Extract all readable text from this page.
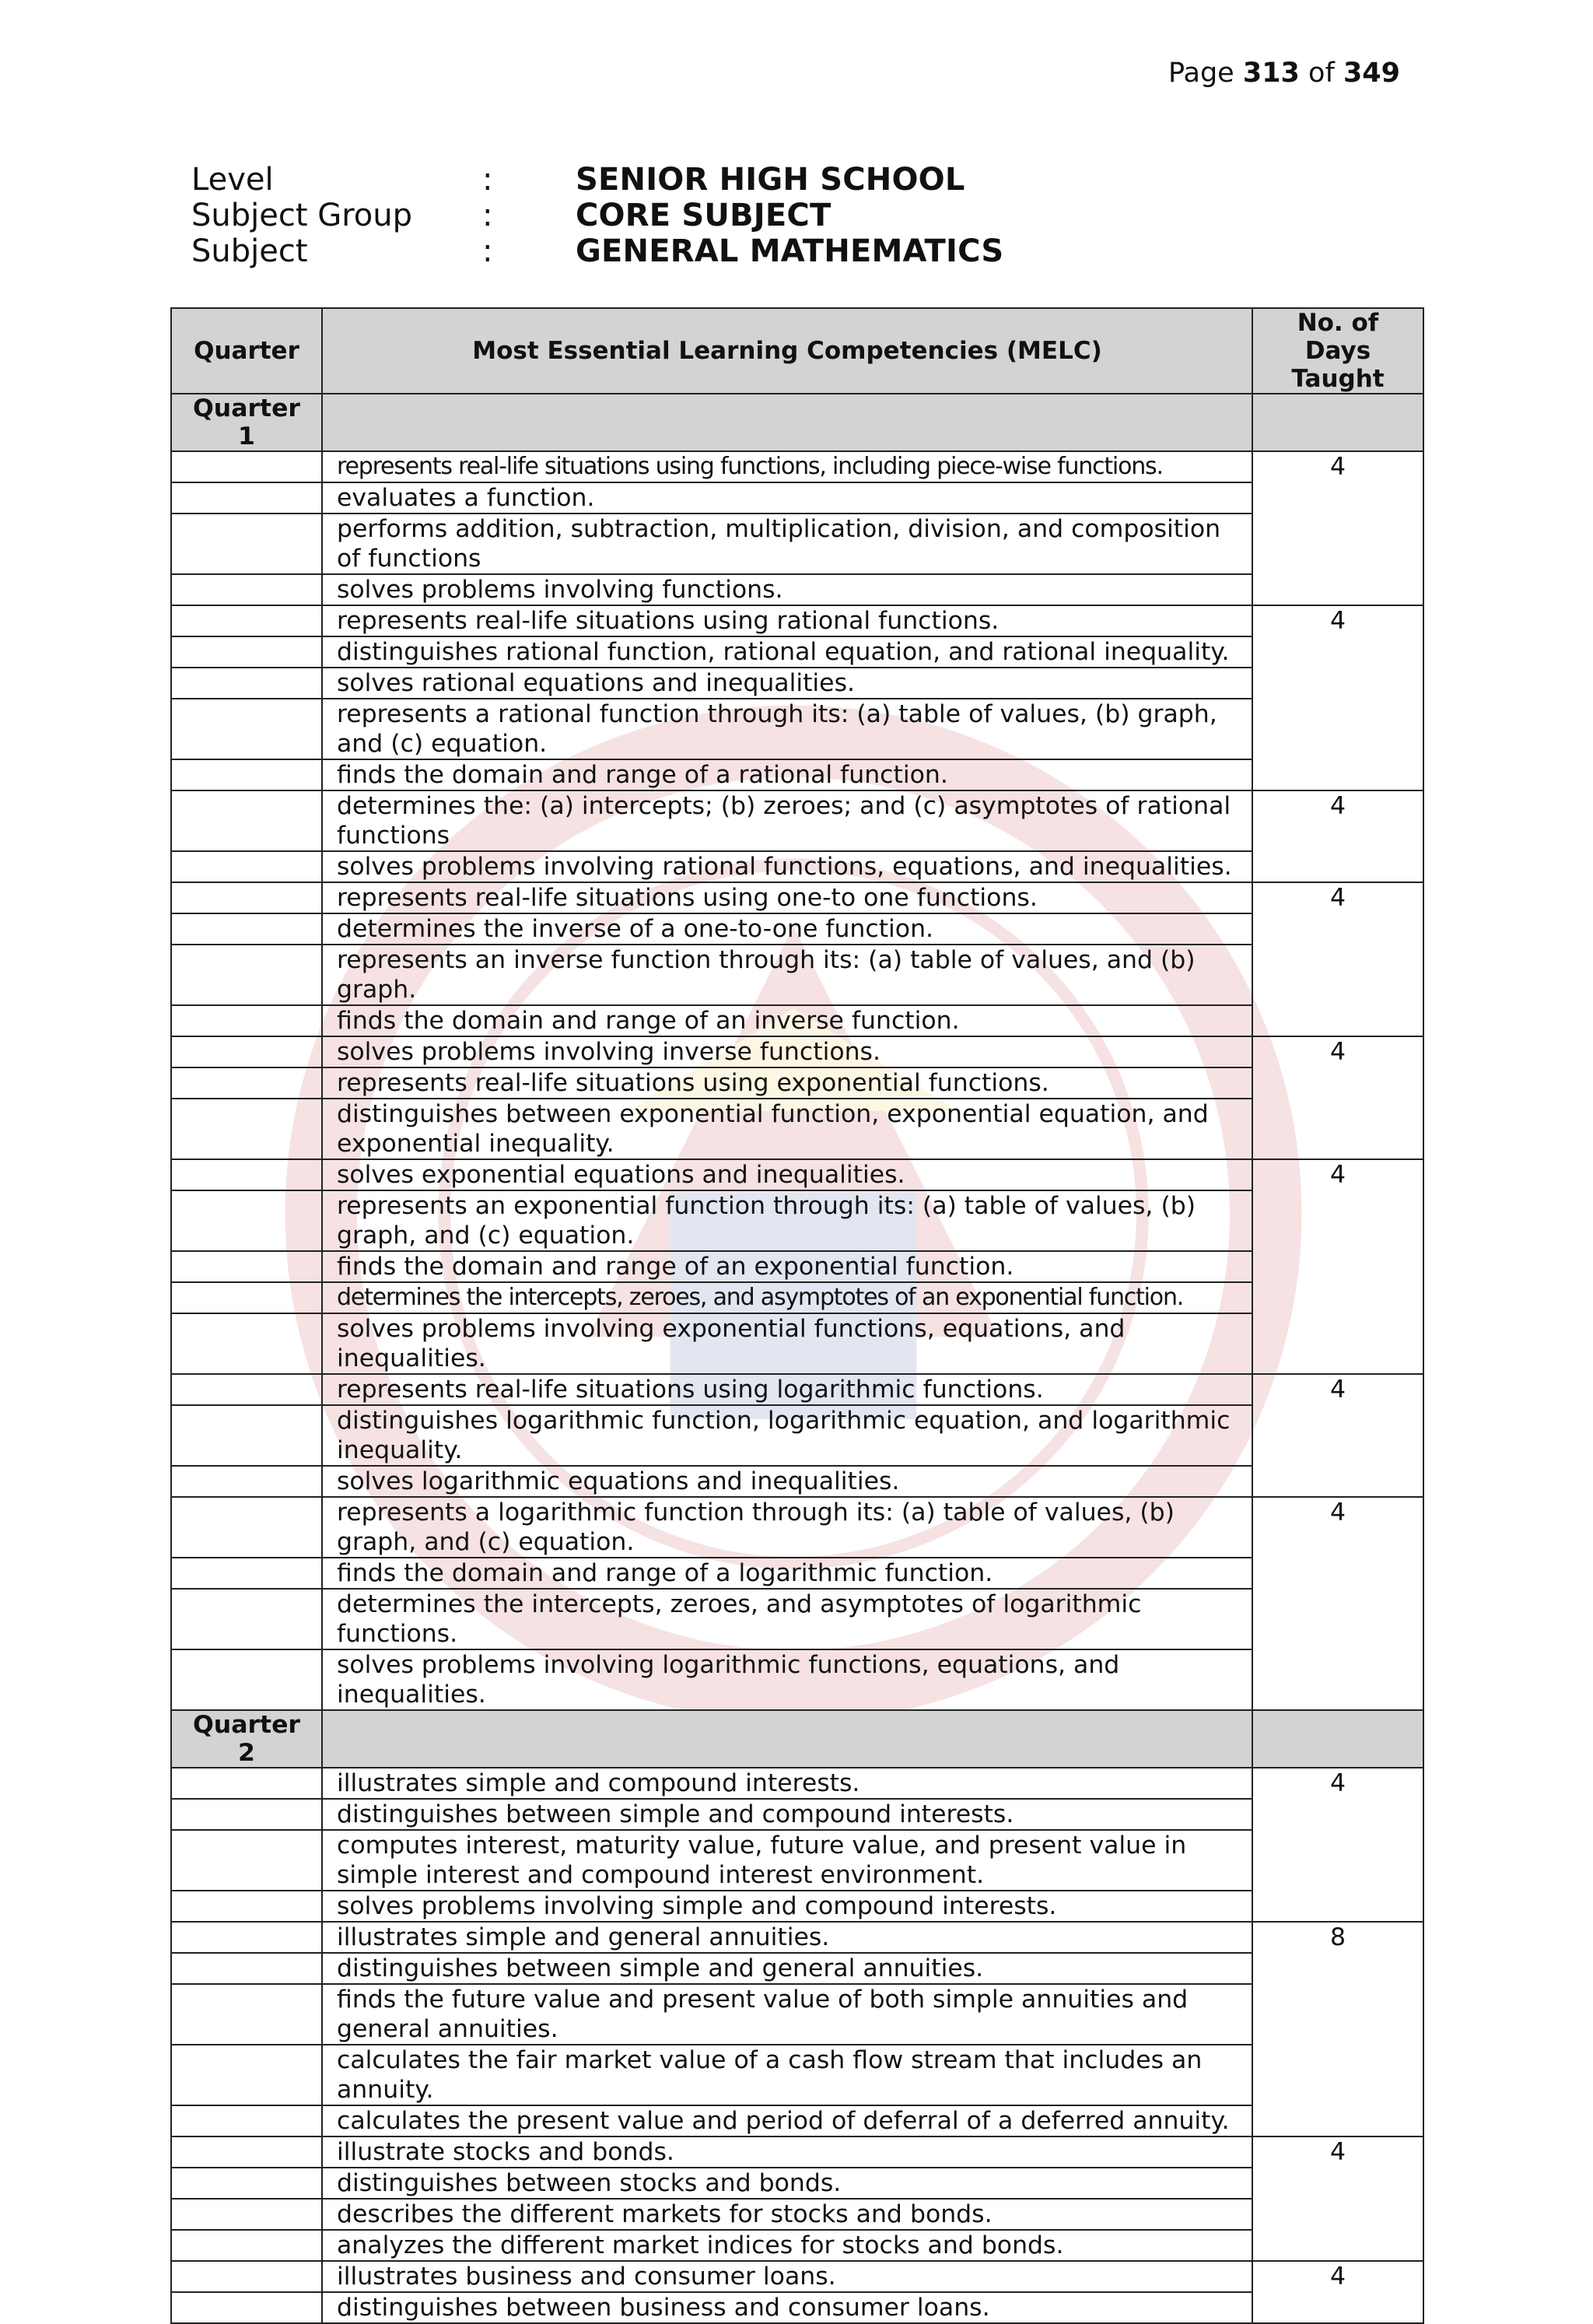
Page 313 of 349
Level	:	SENIOR HIGH SCHOOL
Subject Group	:	CORE SUBJECT
Subject	:	GENERAL MATHEMATICS
Quarter	Most Essential Learning Competencies (MELC)	No. of Days Taught
Quarter 1		
	represents real-life situations using functions, including piece-wise functions.	4
	evaluates a function.	
	performs addition, subtraction, multiplication, division, and composition of functions	
	solves problems involving functions.	
	represents real-life situations using rational functions.	4
	distinguishes rational function, rational equation, and rational inequality.	
	solves rational equations and inequalities.	
	represents a rational function through its: (a) table of values, (b) graph, and (c) equation.	
	finds the domain and range of a rational function.	
	determines the: (a) intercepts; (b) zeroes; and (c) asymptotes of rational functions	4
	solves problems involving rational functions, equations, and inequalities.	
	represents real-life situations using one-to one functions.	4
	determines the inverse of a one-to-one function.	
	represents an inverse function through its: (a) table of values, and (b) graph.	
	finds the domain and range of an inverse function.	
	solves problems involving inverse functions.	4
	represents real-life situations using exponential functions.	
	distinguishes between exponential function, exponential equation, and exponential inequality.	
	solves exponential equations and inequalities.	4
	represents an exponential function through its: (a) table of values, (b) graph, and (c) equation.	
	finds the domain and range of an exponential function.	
	determines the intercepts, zeroes, and asymptotes of an exponential function.	
	solves problems involving exponential functions, equations, and inequalities.	
	represents real-life situations using logarithmic functions.	4
	distinguishes logarithmic function, logarithmic equation, and logarithmic inequality.	
	solves logarithmic equations and inequalities.	
	represents a logarithmic function through its: (a) table of values, (b) graph, and (c) equation.	4
	finds the domain and range of a logarithmic function.	
	determines the intercepts, zeroes, and asymptotes of logarithmic functions.	
	solves problems involving logarithmic functions, equations, and inequalities.	
Quarter 2		
	illustrates simple and compound interests.	4
	distinguishes between simple and compound interests.	
	computes interest, maturity value, future value, and present value in simple interest and compound interest environment.	
	solves problems involving simple and compound interests.	
	illustrates simple and general annuities.	8
	distinguishes between simple and general annuities.	
	finds the future value and present value of both simple annuities and general annuities.	
	calculates the fair market value of a cash flow stream that includes an annuity.	
	calculates the present value and period of deferral of a deferred annuity.	
	illustrate stocks and bonds.	4
	distinguishes between stocks and bonds.	
	describes the different markets for stocks and bonds.	
	analyzes the different market indices for stocks and bonds.	
	illustrates business and consumer loans.	4
	distinguishes between business and consumer loans.	
